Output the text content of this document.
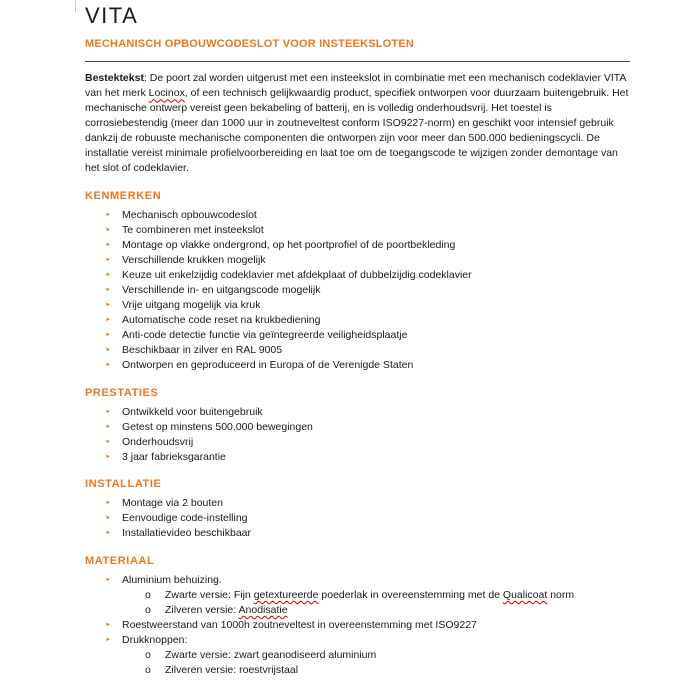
VITA
MECHANISCH OPBOUWCODESLOT VOOR INSTEEKSLOTEN

Bestektekst: De poort zal worden uitgerust met een insteekslot in combinatie met een mechanisch codeklavier VITA van het merk Locinox, of een technisch gelijkwaardig product, specifiek ontworpen voor duurzaam buitengebruik. Het mechanische ontwerp vereist geen bekabeling of batterij, en is volledig onderhoudsvrij. Het toestel is corrosiebestendig (meer dan 1000 uur in zoutneveltest conform ISO9227-norm) en geschikt voor intensief gebruik dankzij de robuuste mechanische componenten die ontworpen zijn voor meer dan 500.000 bedieningscycli. De installatie vereist minimale profielvoorbereiding en laat toe om de toegangscode te wijzigen zonder demontage van het slot of codeklavier.

KENMERKEN
‣	Mechanisch opbouwcodeslot
‣	Te combineren met insteekslot
‣	Montage op vlakke ondergrond, op het poortprofiel of de poortbekleding
‣	Verschillende krukken mogelijk
‣	Keuze uit enkelzijdig codeklavier met afdekplaat of dubbelzijdig codeklavier
‣	Verschillende in- en uitgangscode mogelijk
‣	Vrije uitgang mogelijk via kruk
‣	Automatische code reset na krukbediening
‣	Anti-code detectie functie via geïntegreerde veiligheidsplaatje
‣	Beschikbaar in zilver en RAL 9005
‣	Ontworpen en geproduceerd in Europa of de Verenigde Staten
PRESTATIES
‣	Ontwikkeld voor buitengebruik
‣	Getest op minstens 500.000 bewegingen
‣	Onderhoudsvrij
‣	3 jaar fabrieksgarantie
INSTALLATIE
‣	Montage via 2 bouten
‣	Eenvoudige code-instelling
‣	Installatievideo beschikbaar
MATERIAAL
‣	Aluminium behuizing.
o	Zwarte versie: Fijn getextureerde poederlak in overeenstemming met de Qualicoat norm
o	Zilveren versie: Anodisatie
‣	Roestweerstand van 1000h zoutneveltest in overeenstemming met ISO9227
‣	Drukknoppen:
o	Zwarte versie: zwart geanodiseerd aluminium
o	Zilveren versie: roestvrijstaal
